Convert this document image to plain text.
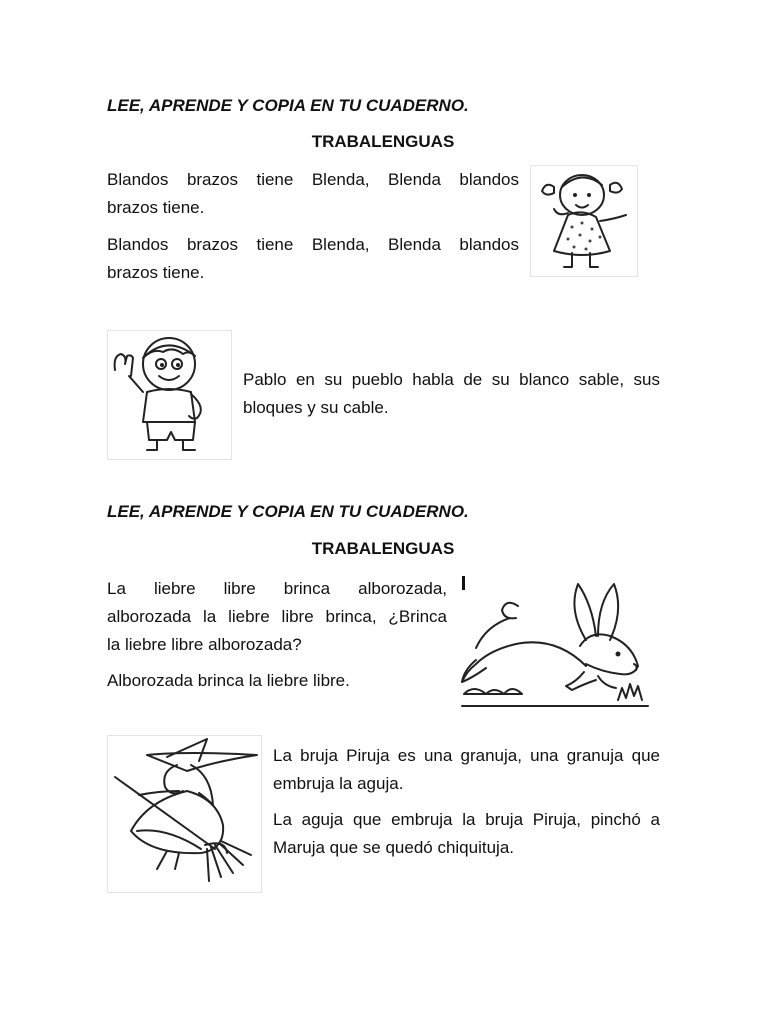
LEE, APRENDE Y COPIA EN TU CUADERNO.
TRABALENGUAS
Blandos brazos tiene Blenda, Blenda blandos
brazos tiene.
Blandos brazos tiene Blenda, Blenda blandos
brazos tiene.
Pablo en su pueblo habla de su blanco sable, sus
bloques y su cable.
LEE, APRENDE Y COPIA EN TU CUADERNO.
TRABALENGUAS
La liebre libre brinca alborozada,
alborozada la liebre libre brinca, ¿Brinca
la liebre libre alborozada?
Alborozada brinca la liebre libre.
La bruja Piruja es una granuja, una granuja que
embruja la aguja.
La aguja que embruja la bruja Piruja, pinchó a
Maruja que se quedó chiquituja.
